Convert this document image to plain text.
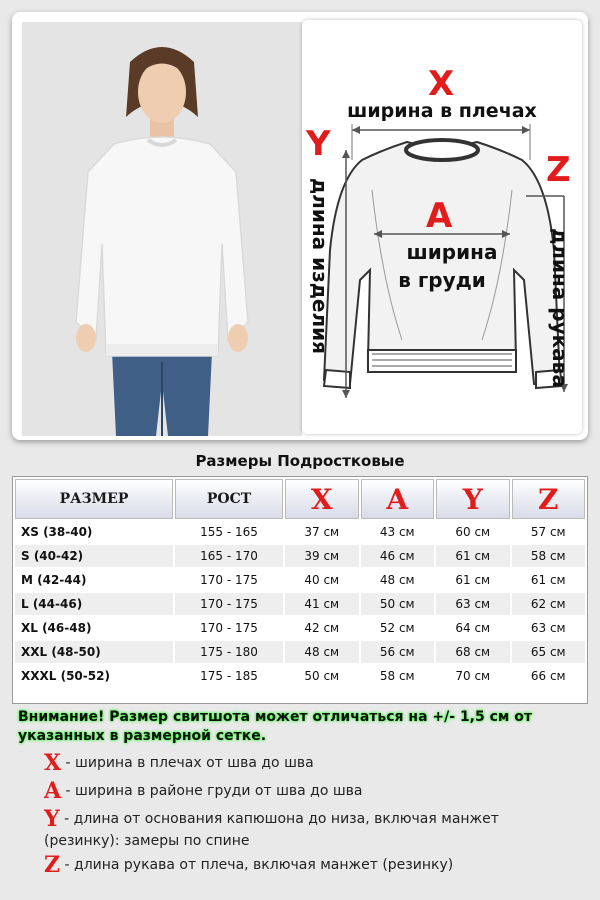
X
ширина в плечах
Y
длина изделия
Z
длина рукава
A
ширина
в груди
Размеры Подростковые
РАЗМЕР	РОСТ	X	A	Y	Z
XS (38-40)	155 - 165	37 см	43 см	60 см	57 см
S (40-42)	165 - 170	39 см	46 см	61 см	58 см
M (42-44)	170 - 175	40 см	48 см	61 см	61 см
L (44-46)	170 - 175	41 см	50 см	63 см	62 см
XL (46-48)	170 - 175	42 см	52 см	64 см	63 см
XXL (48-50)	175 - 180	48 см	56 см	68 см	65 см
XXXL (50-52)	175 - 185	50 см	58 см	70 см	66 см
Внимание! Размер свитшота может отличаться на +/- 1,5 см от указанных в размерной сетке.
X - ширина в плечах от шва до шва
A - ширина в районе груди от шва до шва
Y - длина от основания капюшона до низа, включая манжет (резинку): замеры по спине
Z - длина рукава от плеча, включая манжет (резинку)
